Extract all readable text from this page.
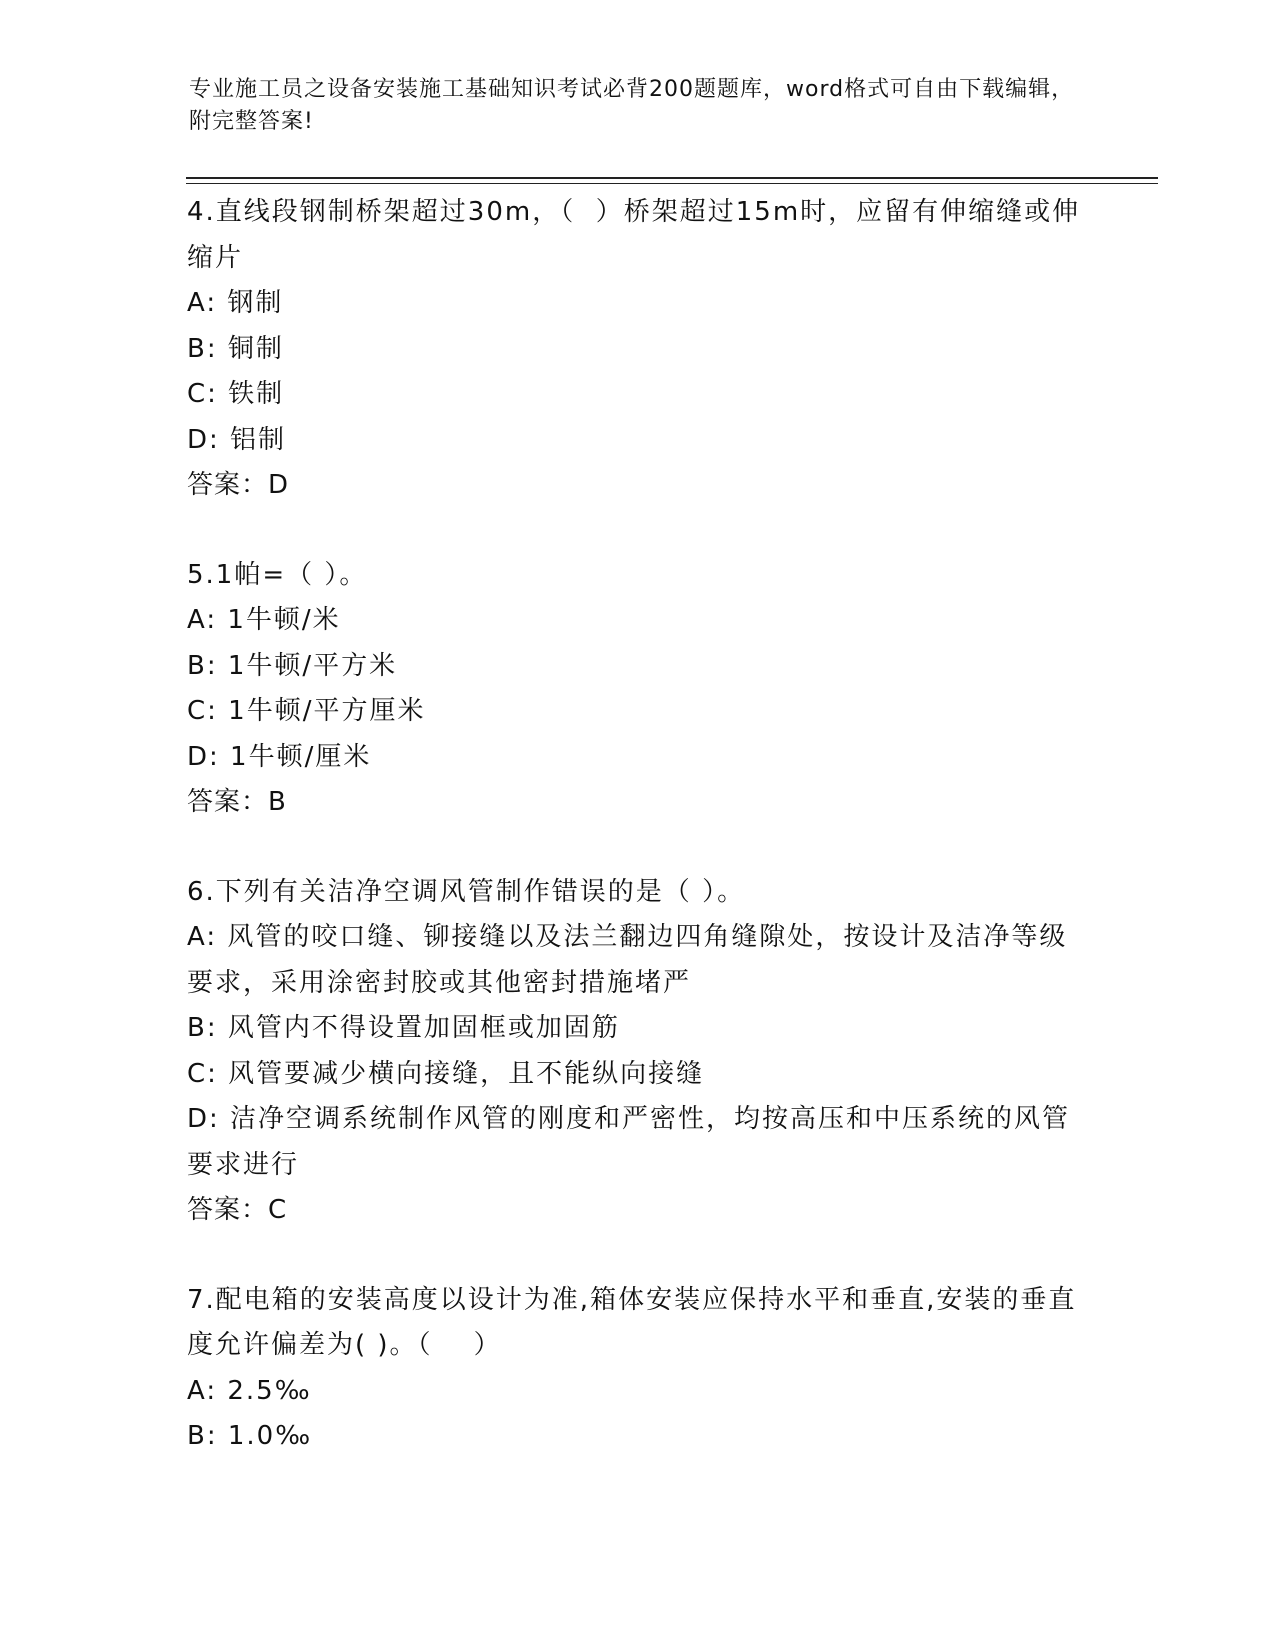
专业施工员之设备安装施工基础知识考试必背200题题库，word格式可自由下载编辑，附完整答案!
4.直线段钢制桥架超过30m，（  ）桥架超过15m时，应留有伸缩缝或伸缩片
A: 钢制
B: 铜制
C: 铁制
D: 铝制
答案：D
5.1帕=（ ）。
A: 1牛顿/米
B: 1牛顿/平方米
C: 1牛顿/平方厘米
D: 1牛顿/厘米
答案：B
6.下列有关洁净空调风管制作错误的是（ ）。
A: 风管的咬口缝、铆接缝以及法兰翻边四角缝隙处，按设计及洁净等级要求，采用涂密封胶或其他密封措施堵严
B: 风管内不得设置加固框或加固筋
C: 风管要减少横向接缝，且不能纵向接缝
D: 洁净空调系统制作风管的刚度和严密性，均按高压和中压系统的风管要求进行
答案：C
7.配电箱的安装高度以设计为准,箱体安装应保持水平和垂直,安装的垂直度允许偏差为( )。（    ）
A: 2.5‰
B: 1.0‰
